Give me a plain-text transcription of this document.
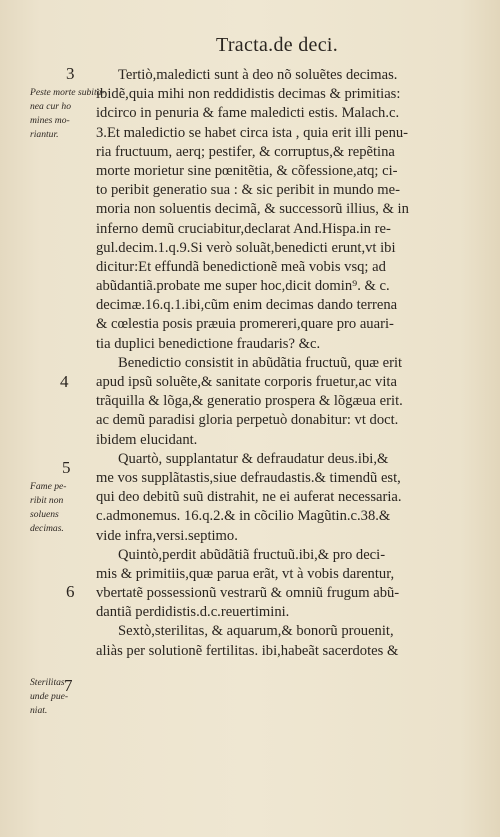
Tracta.de deci.
3
4
5
6
7
Peste morte subita-
nea cur ho
mines mo-
riantur.
Fame pe-
ribit non
soluens
decimas.
Sterilitas
unde pue-
niat.
Tertiò,maledicti sunt à deo nõ soluẽtes decimas.
ibidẽ,quia mihi non reddidistis decimas & primitias:
idcirco in penuria & fame maledicti estis. Malach.c.
3.Et maledictio se habet circa ista , quia erit illi penu-
ria fructuum, aerq; pestifer, & corruptus,& repẽtina
morte morietur sine pœnitẽtia, & cõfessione,atq; ci-
to peribit generatio sua : & sic peribit in mundo me-
moria non soluentis decimã, & successorũ illius, & in
inferno demũ cruciabitur,declarat And.Hispa.in re-
gul.decim.1.q.9.Si verò soluãt,benedicti erunt,vt ibi
dicitur:Et effundã benedictionẽ meã vobis vsq; ad
abũdantiã.probate me super hoc,dicit domin⁹. & c.
decimæ.16.q.1.ibi,cũm enim decimas dando terrena
& cœlestia posis præuia promereri,quare pro auari-
tia duplici benedictione fraudaris? &c.
Benedictio consistit in abũdãtia fructuũ, quæ erit
apud ipsũ soluẽte,& sanitate corporis fruetur,ac vita
trãquilla & lõga,& generatio prospera & lõgæua erit.
ac demũ paradisi gloria perpetuò donabitur: vt doct.
ibidem elucidant.
Quartò, supplantatur & defraudatur deus.ibi,&
me vos supplãtastis,siue defraudastis.& timendũ est,
qui deo debitũ suũ distrahit, ne ei auferat necessaria.
c.admonemus. 16.q.2.& in cõcilio Magũtin.c.38.&
vide infra,versi.septimo.
Quintò,perdit abũdãtiã fructuũ.ibi,& pro deci-
mis & primitiis,quæ parua erãt, vt à vobis darentur,
vbertatẽ possessionũ vestrarũ & omniũ frugum abũ-
dantiã perdidistis.d.c.reuertimini.
Sextò,sterilitas, & aquarum,& bonorũ prouenit,
aliàs per solutionẽ fertilitas. ibi,habeãt sacerdotes &
